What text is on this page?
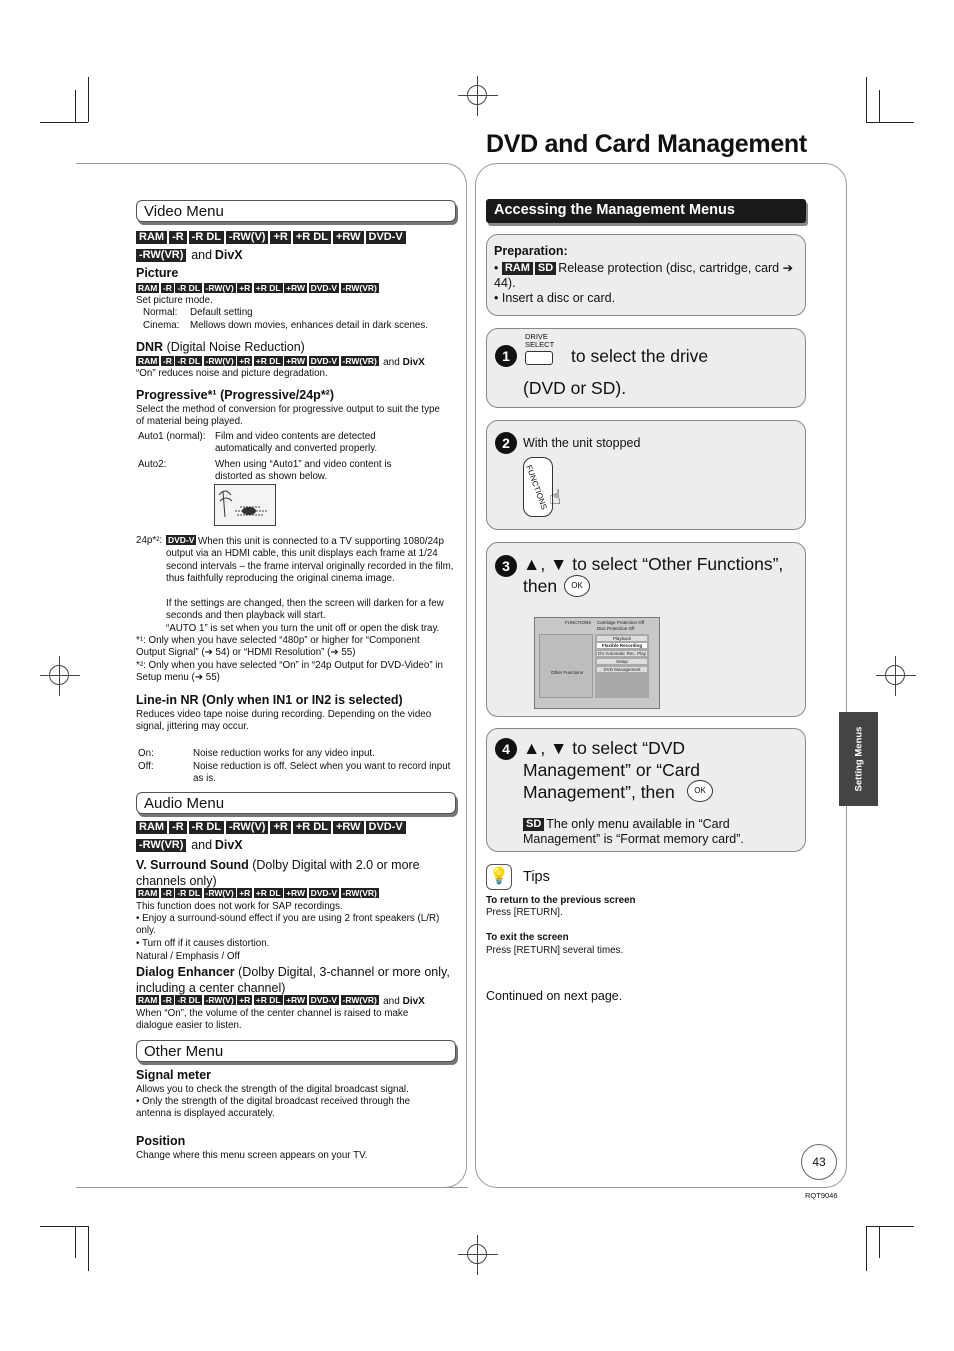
DVD and Card Management
Video Menu
RAM -R -R DL -RW(V) +R +R DL +RW DVD-V
-RW(VR) and DivX
Picture
RAM -R -R DL -RW(V) +R +R DL +RW DVD-V -RW(VR)
Set picture mode.
Normal: Default setting
Cinema: Mellows down movies, enhances detail in dark scenes.
DNR (Digital Noise Reduction)
RAM -R -R DL -RW(V) +R +R DL +RW DVD-V -RW(VR) and DivX
“On” reduces noise and picture degradation.
Progressive*¹ (Progressive/24p*²)
Select the method of conversion for progressive output to suit the type of material being played.
Auto1 (normal): Film and video contents are detected automatically and converted properly.
Auto2:	When using “Auto1” and video content is distorted as shown below.
24p*²: DVD-V When this unit is connected to a TV supporting 1080/24p output via an HDMI cable, this unit displays each frame at 1/24 second intervals – the frame interval originally recorded in the film, thus faithfully reproducing the original cinema image.
If the settings are changed, then the screen will darken for a few seconds and then playback will start.
“AUTO 1” is set when you turn the unit off or open the disk tray.
*¹: Only when you have selected “480p” or higher for “Component Output Signal” (➔ 54) or “HDMI Resolution” (➔ 55)
*²: Only when you have selected “On” in “24p Output for DVD-Video” in Setup menu (➔ 55)
Line-in NR (Only when IN1 or IN2 is selected)
Reduces video tape noise during recording. Depending on the video signal, jittering may occur.
On:	Noise reduction works for any video input.
Off:	Noise reduction is off. Select when you want to record input as is.
Audio Menu
RAM -R -R DL -RW(V) +R +R DL +RW DVD-V
-RW(VR) and DivX
V. Surround Sound (Dolby Digital with 2.0 or more channels only)
RAM -R -R DL -RW(V) +R +R DL +RW DVD-V -RW(VR)
This function does not work for SAP recordings.
• Enjoy a surround-sound effect if you are using 2 front speakers (L/R) only.
• Turn off if it causes distortion.
Natural / Emphasis / Off
Dialog Enhancer (Dolby Digital, 3-channel or more only, including a center channel)
RAM -R -R DL -RW(V) +R +R DL +RW DVD-V -RW(VR) and DivX
When “On”, the volume of the center channel is raised to make dialogue easier to listen.
Other Menu
Signal meter
Allows you to check the strength of the digital broadcast signal.
• Only the strength of the digital broadcast received through the antenna is displayed accurately.
Position
Change where this menu screen appears on your TV.
Accessing the Management Menus
Preparation:
• RAM SD Release protection (disc, cartridge, card ➔ 44).
• Insert a disc or card.
1
DRIVE SELECT
to select the drive
(DVD or SD).
2	With the unit stopped
FUNCTIONS ☝
3 ▲, ▼ to select “Other Functions”,
then	OK
FUNCTIONS Cartridge Protection Off
Disc Protection Off
Playback
Flexible Recording
DV Automatic Rec. Play
Setup
DVD Management
Other Functions
4 ▲, ▼ to select “DVD
Management” or “Card
Management”, then	OK
SD The only menu available in “Card Management” is “Format memory card”.
💡 Tips
To return to the previous screen
Press [RETURN].
To exit the screen
Press [RETURN] several times.
Continued on next page.
Setting Menus
43
RQT9046
